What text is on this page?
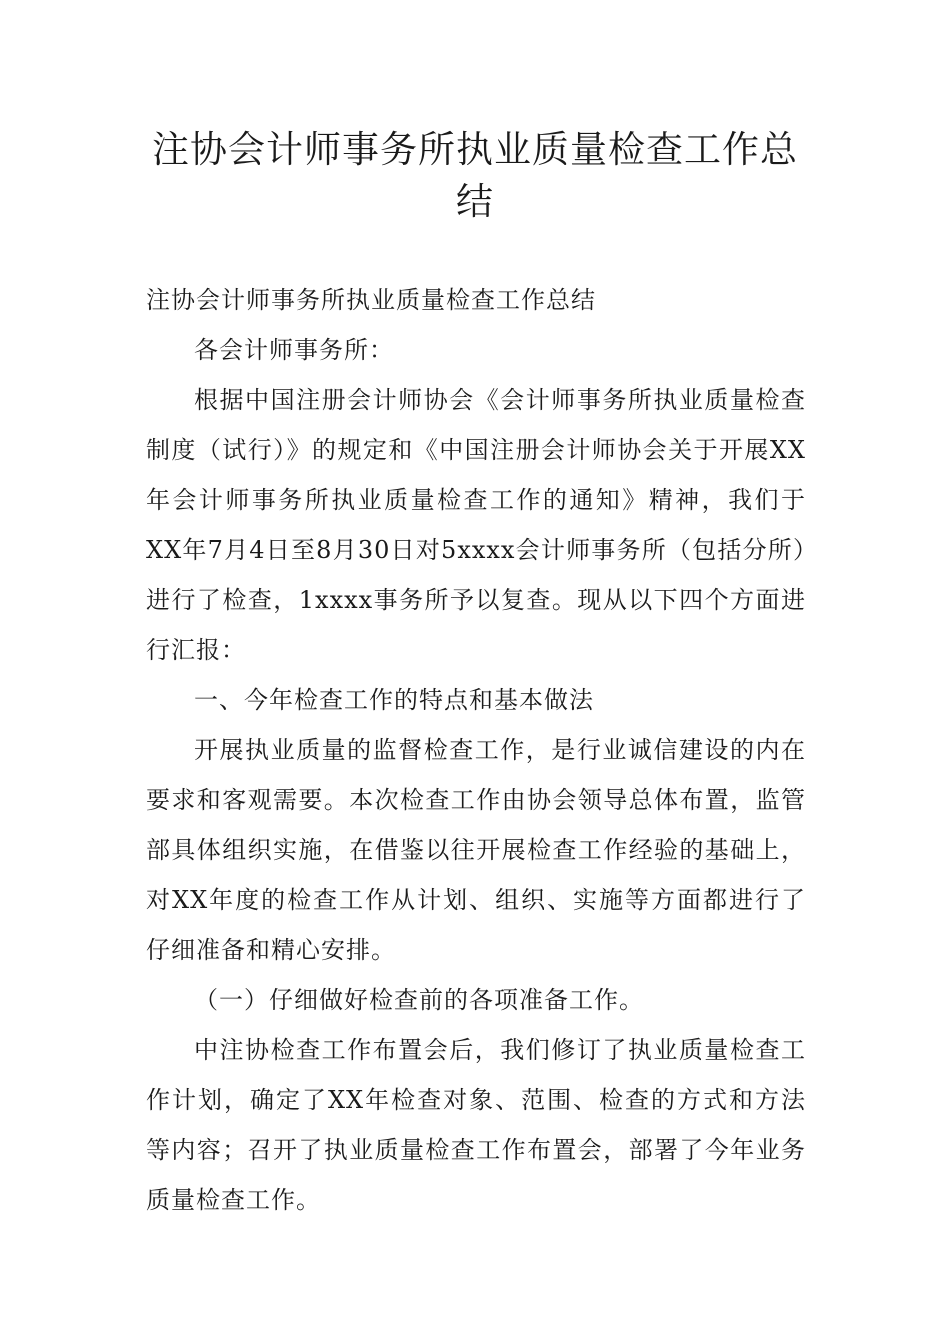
注协会计师事务所执业质量检查工作总结

注协会计师事务所执业质量检查工作总结

各会计师事务所：

根据中国注册会计师协会《会计师事务所执业质量检查制度（试行）》的规定和《中国注册会计师协会关于开展XX年会计师事务所执业质量检查工作的通知》精神，我们于XX年7月4日至8月30日对5xxxx会计师事务所（包括分所）进行了检查，1xxxx事务所予以复查。现从以下四个方面进行汇报：

一、今年检查工作的特点和基本做法

开展执业质量的监督检查工作，是行业诚信建设的内在要求和客观需要。本次检查工作由协会领导总体布置，监管部具体组织实施，在借鉴以往开展检查工作经验的基础上，对XX年度的检查工作从计划、组织、实施等方面都进行了仔细准备和精心安排。

（一）仔细做好检查前的各项准备工作。

中注协检查工作布置会后，我们修订了执业质量检查工作计划，确定了XX年检查对象、范围、检查的方式和方法等内容；召开了执业质量检查工作布置会，部署了今年业务质量检查工作。
